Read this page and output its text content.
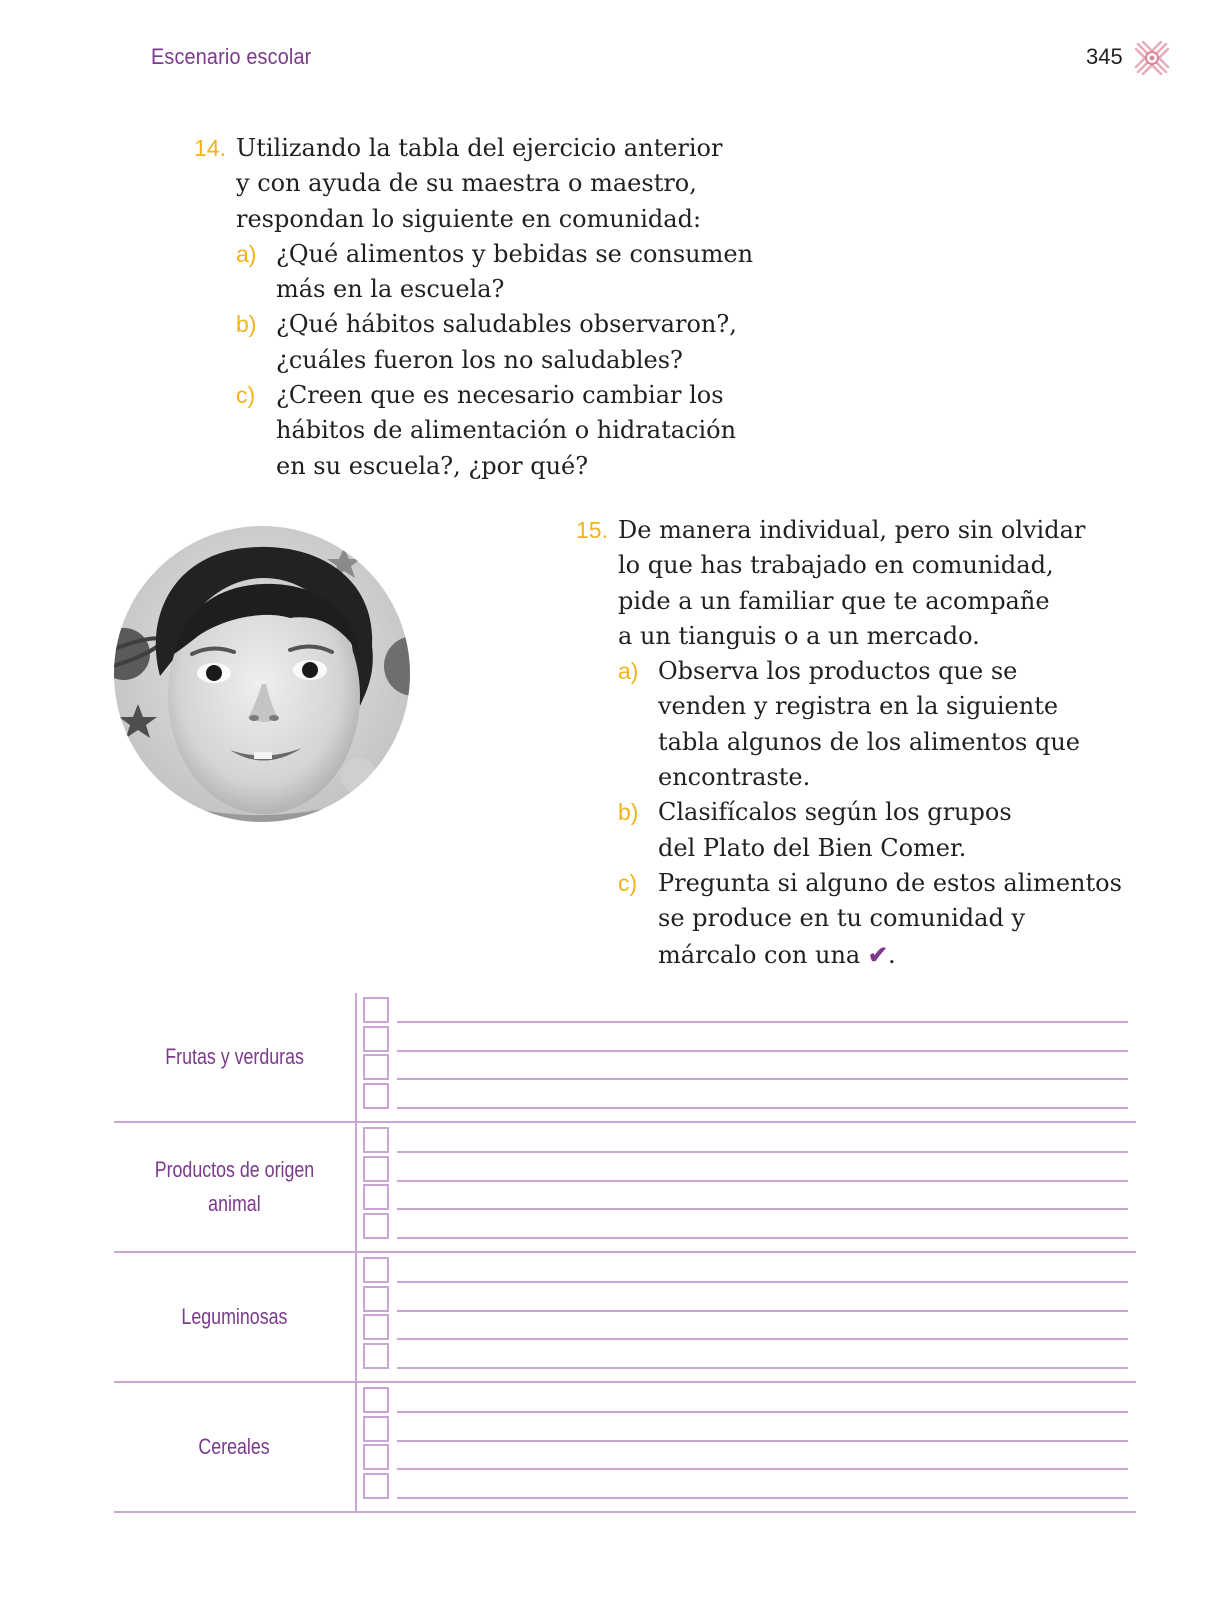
Escenario escolar	345
14. Utilizando la tabla del ejercicio anterior
y con ayuda de su maestra o maestro,
respondan lo siguiente en comunidad:
a) ¿Qué alimentos y bebidas se consumen
más en la escuela?
b) ¿Qué hábitos saludables observaron?,
¿cuáles fueron los no saludables?
c) ¿Creen que es necesario cambiar los
hábitos de alimentación o hidratación
en su escuela?, ¿por qué?
15. De manera individual, pero sin olvidar
lo que has trabajado en comunidad,
pide a un familiar que te acompañe
a un tianguis o a un mercado.
a) Observa los productos que se
venden y registra en la siguiente
tabla algunos de los alimentos que
encontraste.
b) Clasifícalos según los grupos
del Plato del Bien Comer.
c) Pregunta si alguno de estos alimentos
se produce en tu comunidad y
márcalo con una ✔.
Frutas y verduras
Productos de origen
animal
Leguminosas
Cereales
